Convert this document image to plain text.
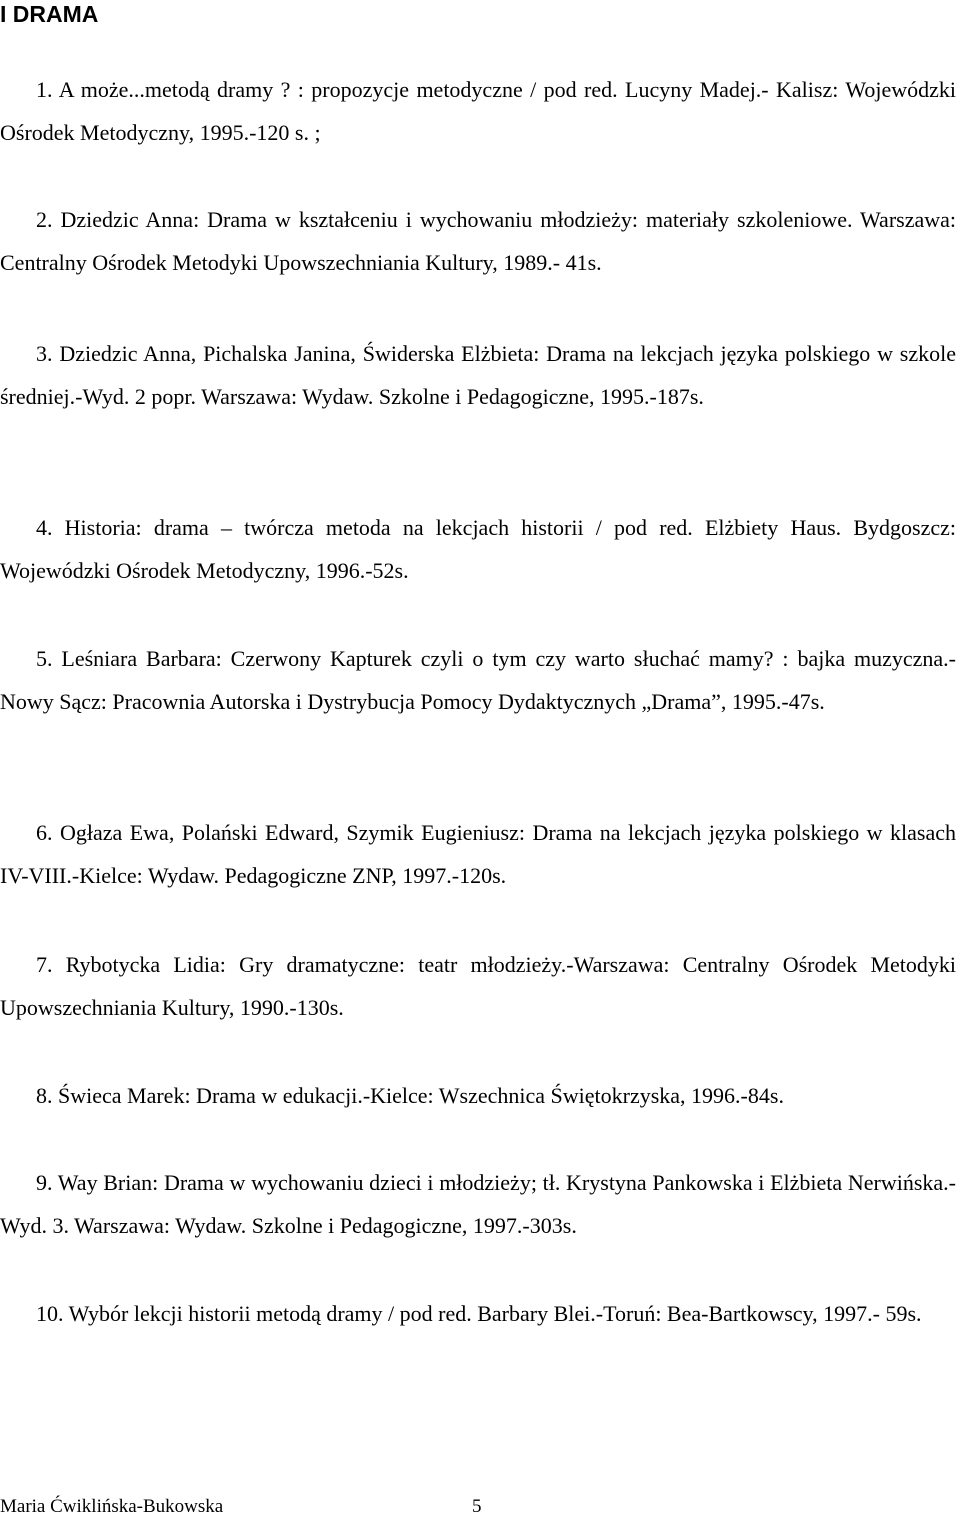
I DRAMA

1. A może...metodą dramy ? : propozycje metodyczne / pod red. Lucyny Madej.- Kalisz: Wojewódzki Ośrodek Metodyczny, 1995.-120 s. ;

2. Dziedzic Anna: Drama w kształceniu i wychowaniu młodzieży: materiały szkoleniowe. Warszawa: Centralny Ośrodek Metodyki Upowszechniania Kultury, 1989.- 41s.

3. Dziedzic Anna, Pichalska Janina, Świderska Elżbieta: Drama na lekcjach języka polskiego w szkole średniej.-Wyd. 2 popr. Warszawa: Wydaw. Szkolne i Pedagogiczne, 1995.-187s.

4. Historia: drama – twórcza metoda na lekcjach historii / pod red. Elżbiety Haus. Bydgoszcz: Wojewódzki Ośrodek Metodyczny, 1996.-52s.

5. Leśniara Barbara: Czerwony Kapturek czyli o tym czy warto słuchać mamy? : bajka muzyczna.-Nowy Sącz: Pracownia Autorska i Dystrybucja Pomocy Dydaktycznych „Drama”, 1995.-47s.

6. Ogłaza Ewa, Polański Edward, Szymik Eugieniusz: Drama na lekcjach języka polskiego w klasach IV-VIII.-Kielce: Wydaw. Pedagogiczne ZNP, 1997.-120s.

7. Rybotycka Lidia: Gry dramatyczne: teatr młodzieży.-Warszawa: Centralny Ośrodek Metodyki Upowszechniania Kultury, 1990.-130s.

8. Świeca Marek: Drama w edukacji.-Kielce: Wszechnica Świętokrzyska, 1996.-84s.

9. Way Brian: Drama w wychowaniu dzieci i młodzieży; tł. Krystyna Pankowska i Elżbieta Nerwińska.-Wyd. 3. Warszawa: Wydaw. Szkolne i Pedagogiczne, 1997.-303s.

10. Wybór lekcji historii metodą dramy / pod red. Barbary Blei.-Toruń: Bea-Bartkowscy, 1997.- 59s.

Maria Ćwiklińska-Bukowska	5
